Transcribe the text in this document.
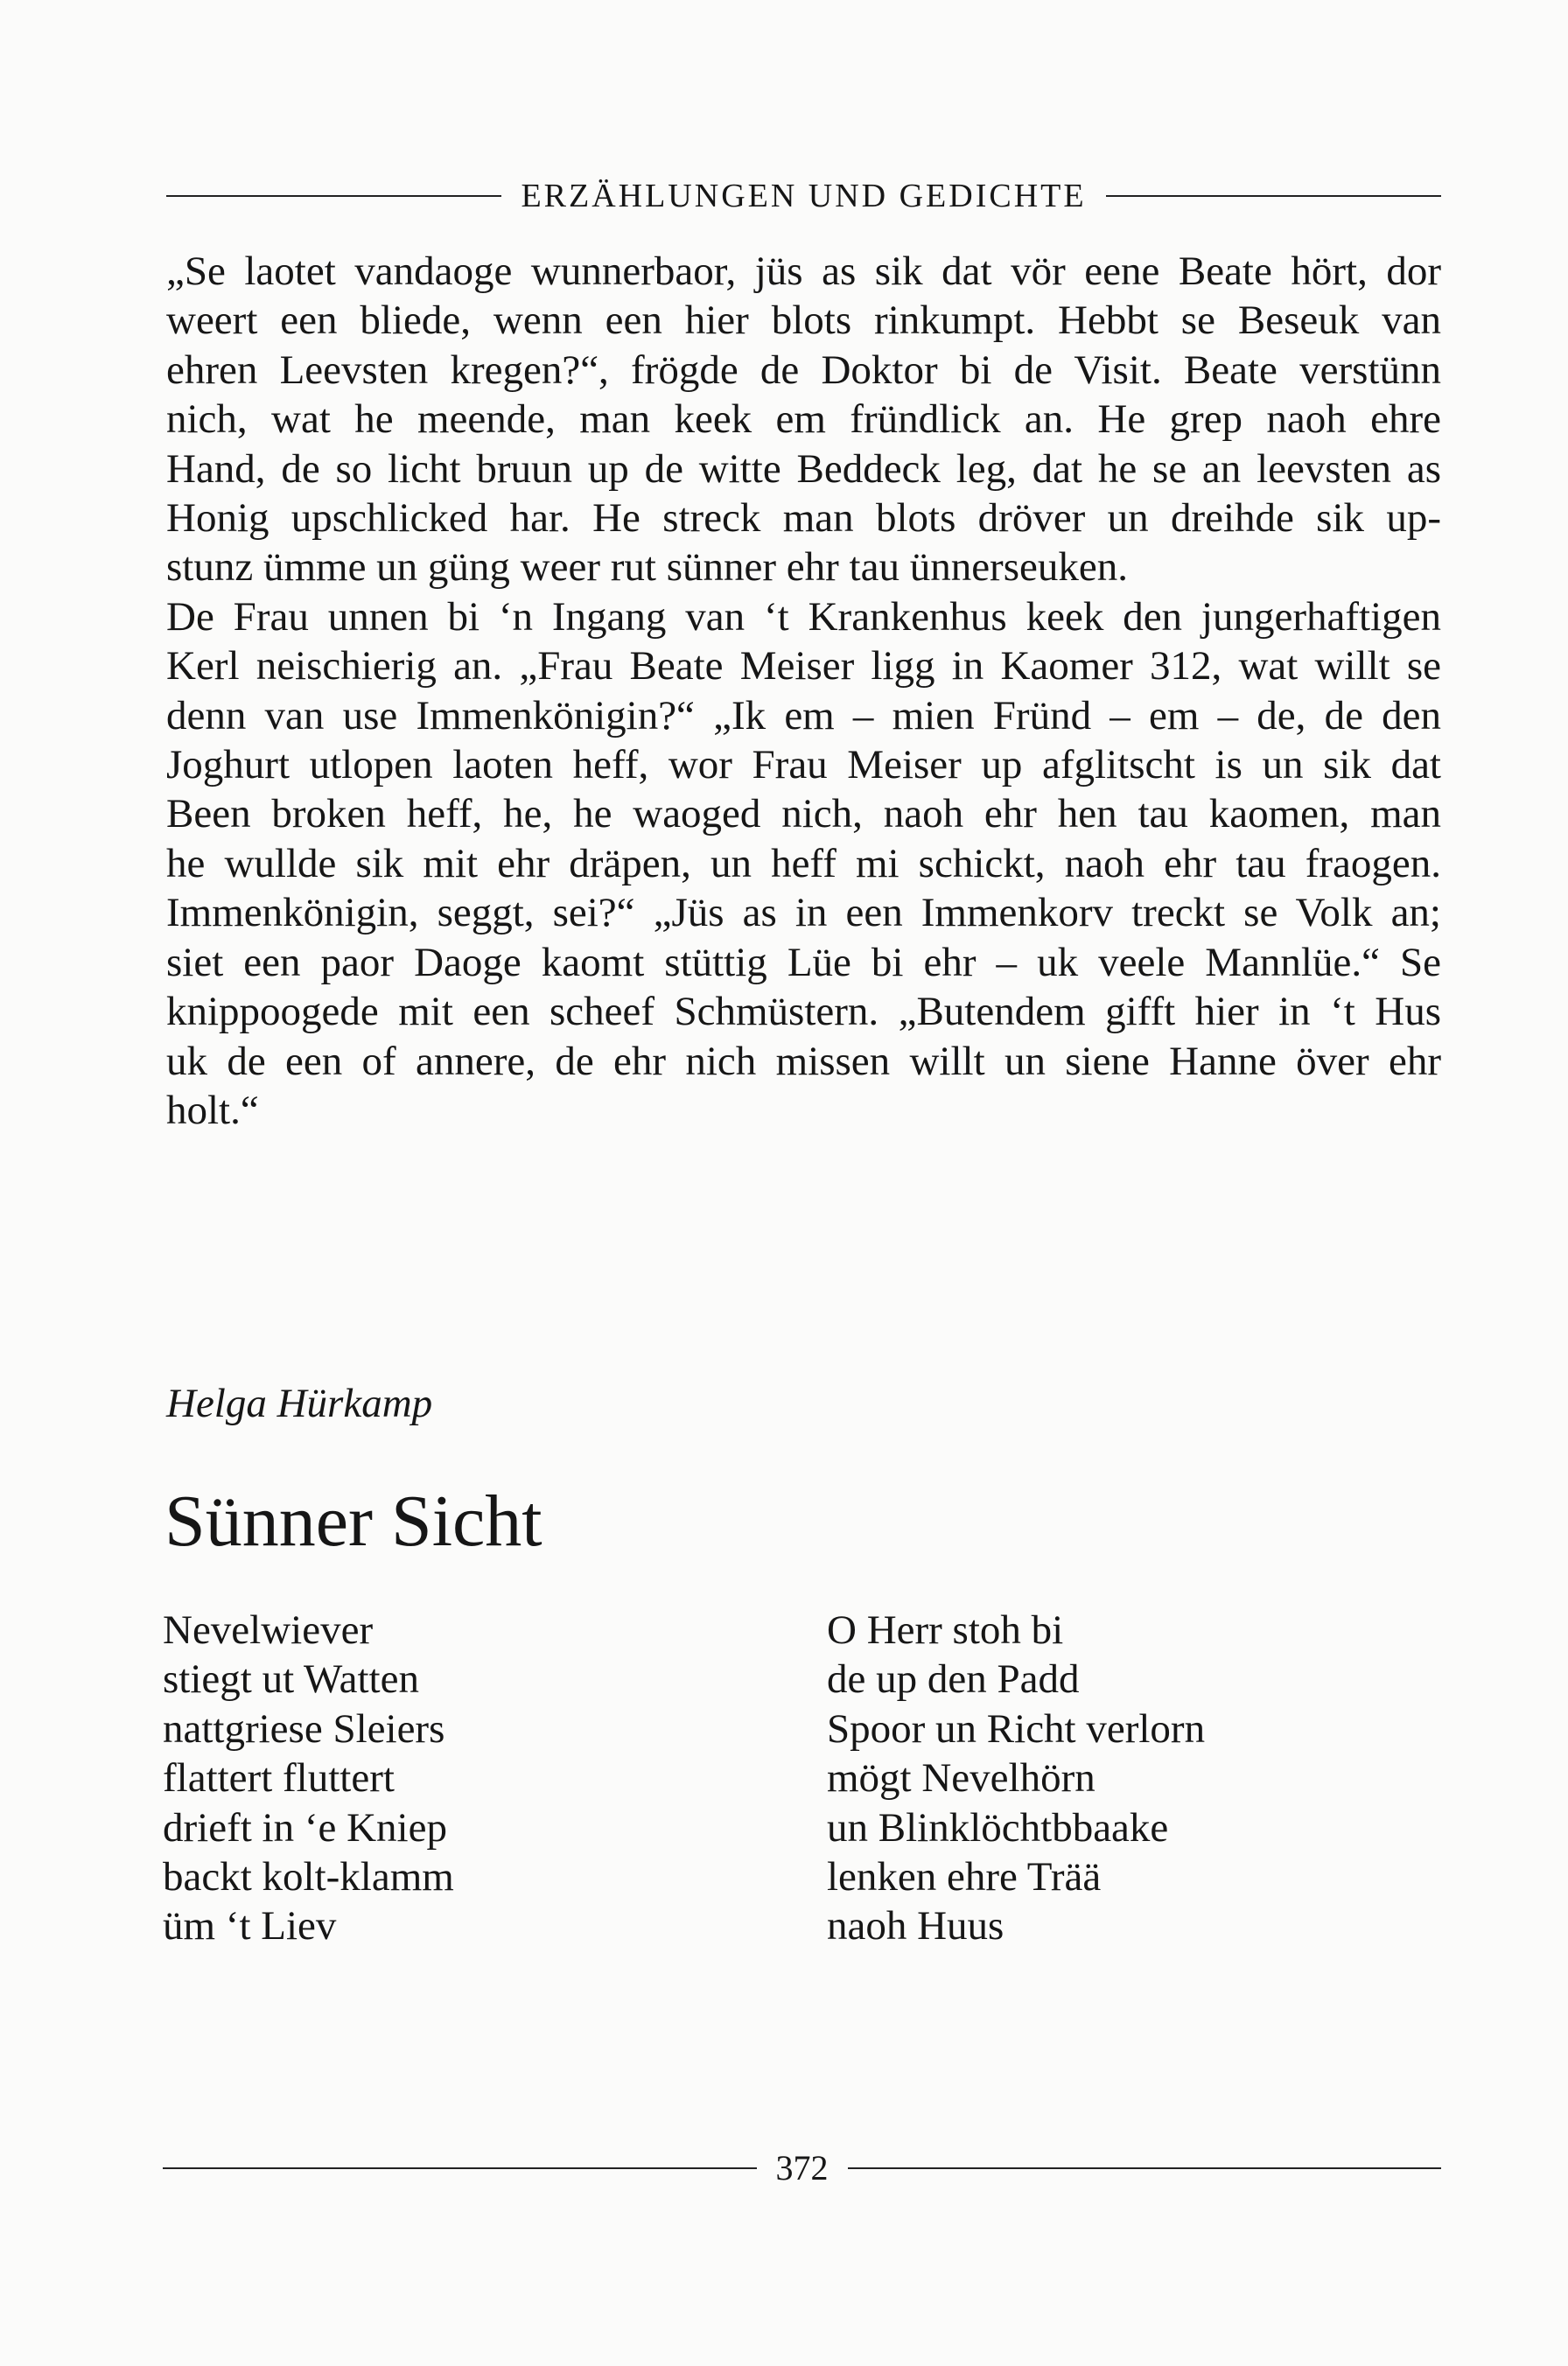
ERZÄHLUNGEN UND GEDICHTE

„Se laotet vandaoge wunnerbaor, jüs as sik dat vör eene Beate hört, dor
weert een bliede, wenn een hier blots rinkumpt. Hebbt se Beseuk van
ehren Leevsten kregen?“, frögde de Doktor bi de Visit. Beate verstünn
nich, wat he meende, man keek em fründlick an. He grep naoh ehre
Hand, de so licht bruun up de witte Beddeck leg, dat he se an leevsten as
Honig upschlicked har. He streck man blots dröver un dreihde sik up-
stunz ümme un güng weer rut sünner ehr tau ünnerseuken.

De Frau unnen bi ‘n Ingang van ‘t Krankenhus keek den jungerhaftigen
Kerl neischierig an. „Frau Beate Meiser ligg in Kaomer 312, wat willt se
denn van use Immenkönigin?“ „Ik em – mien Fründ – em – de, de den
Joghurt utlopen laoten heff, wor Frau Meiser up afglitscht is un sik dat
Been broken heff, he, he waoged nich, naoh ehr hen tau kaomen, man
he wullde sik mit ehr dräpen, un heff mi schickt, naoh ehr tau fraogen.
Immenkönigin, seggt, sei?“ „Jüs as in een Immenkorv treckt se Volk an;
siet een paor Daoge kaomt stüttig Lüe bi ehr – uk veele Mannlüe.“ Se
knippoogede mit een scheef Schmüstern. „Butendem gifft hier in ‘t Hus
uk de een of annere, de ehr nich missen willt un siene Hanne över ehr
holt.“

Helga Hürkamp
Sünner Sicht
Nevelwiever
stiegt ut Watten
nattgriese Sleiers
flattert fluttert
drieft in ‘e Kniep
backt kolt-klamm
üm ‘t Liev
O Herr stoh bi
de up den Padd
Spoor un Richt verlorn
mögt Nevelhörn
un Blinklöchtbbaake
lenken ehre Trää
naoh Huus
372
